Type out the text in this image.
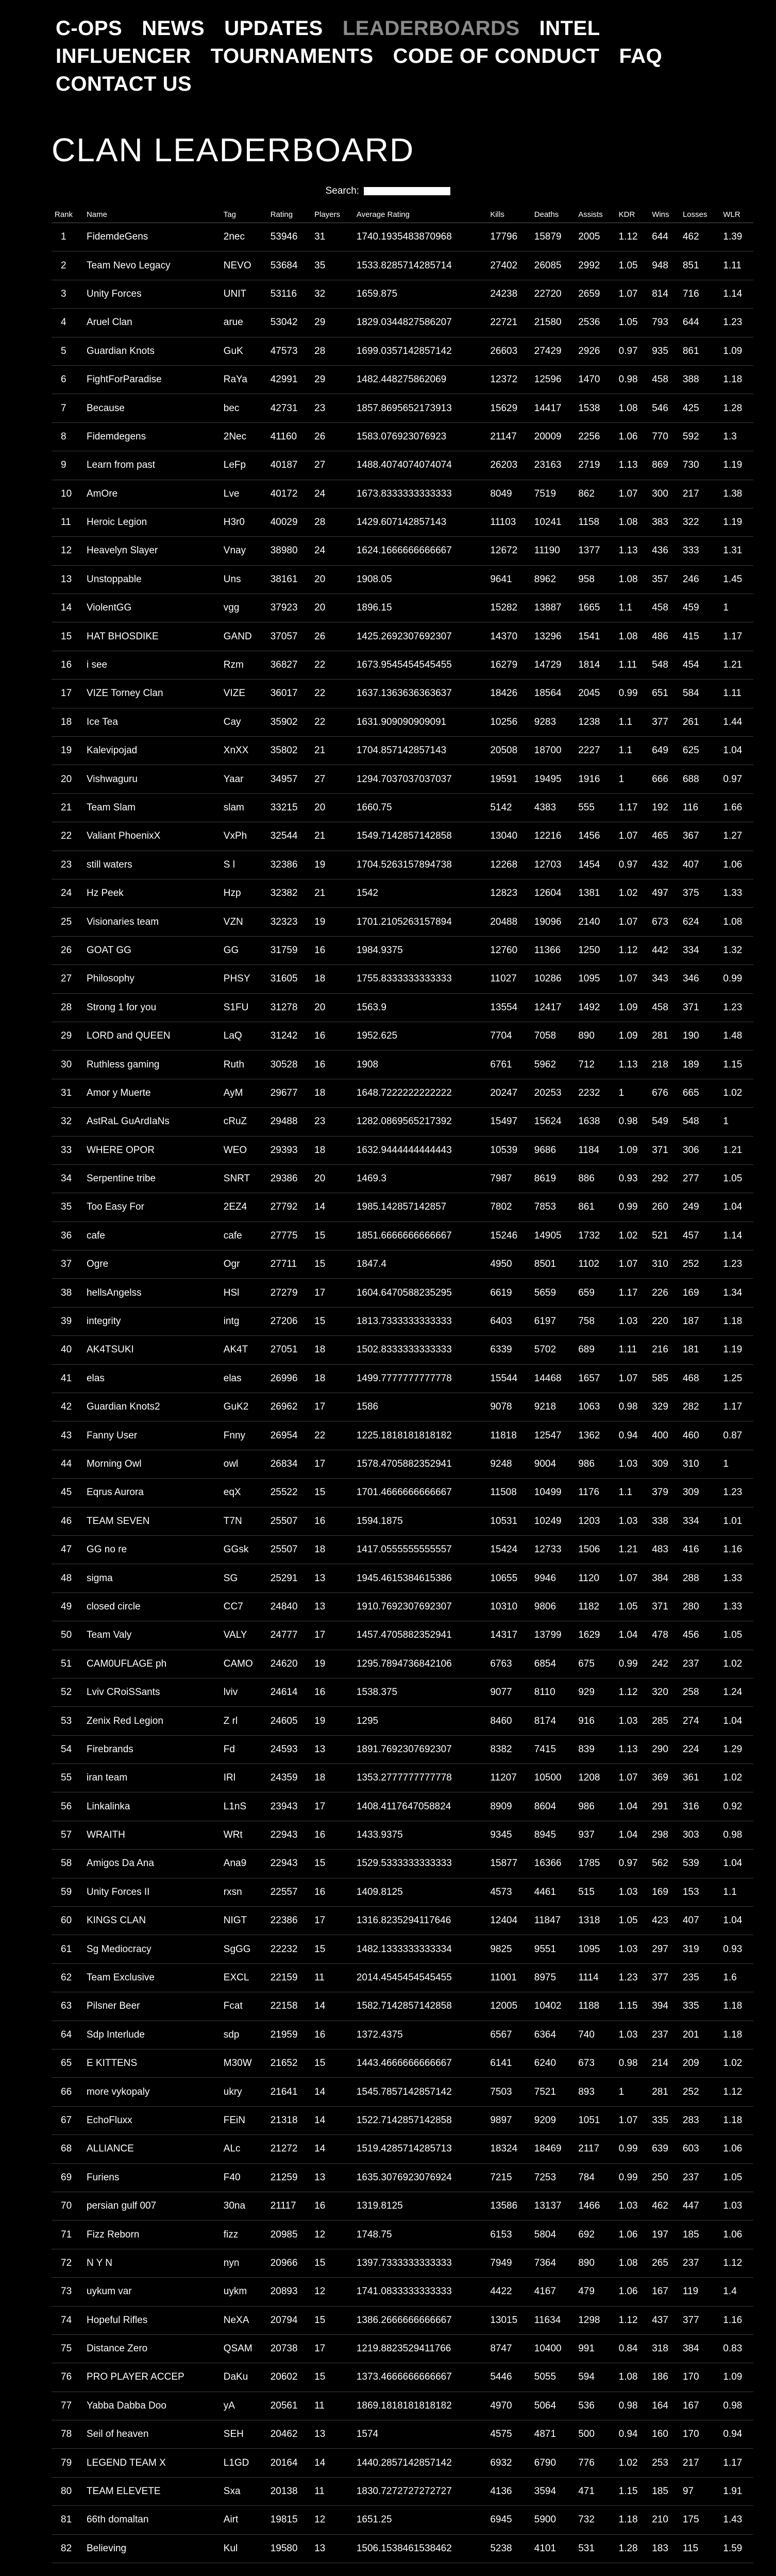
C-OPS NEWS UPDATES LEADERBOARDS INTELINFLUENCER TOURNAMENTS CODE OF CONDUCT FAQCONTACT US
CLAN LEADERBOARD
Search:
Rank	Name	Tag	Rating	Players	Average Rating	Kills	Deaths	Assists	KDR	Wins	Losses	WLR
1	FidemdeGens	2nec	53946	31	1740.1935483870968	17796	15879	2005	1.12	644	462	1.39
2	Team Nevo Legacy	NEVO	53684	35	1533.8285714285714	27402	26085	2992	1.05	948	851	1.11
3	Unity Forces	UNIT	53116	32	1659.875	24238	22720	2659	1.07	814	716	1.14
4	Aruel Clan	arue	53042	29	1829.0344827586207	22721	21580	2536	1.05	793	644	1.23
5	Guardian Knots	GuK	47573	28	1699.0357142857142	26603	27429	2926	0.97	935	861	1.09
6	FightForParadise	RaYa	42991	29	1482.448275862069	12372	12596	1470	0.98	458	388	1.18
7	Because	bec	42731	23	1857.8695652173913	15629	14417	1538	1.08	546	425	1.28
8	Fidemdegens	2Nec	41160	26	1583.076923076923	21147	20009	2256	1.06	770	592	1.3
9	Learn from past	LeFp	40187	27	1488.4074074074074	26203	23163	2719	1.13	869	730	1.19
10	AmOre	Lve	40172	24	1673.8333333333333	8049	7519	862	1.07	300	217	1.38
11	Heroic Legion	H3r0	40029	28	1429.607142857143	11103	10241	1158	1.08	383	322	1.19
12	Heavelyn Slayer	Vnay	38980	24	1624.1666666666667	12672	11190	1377	1.13	436	333	1.31
13	Unstoppable	Uns	38161	20	1908.05	9641	8962	958	1.08	357	246	1.45
14	ViolentGG	vgg	37923	20	1896.15	15282	13887	1665	1.1	458	459	1
15	HAT BHOSDIKE	GAND	37057	26	1425.2692307692307	14370	13296	1541	1.08	486	415	1.17
16	i see	Rzm	36827	22	1673.9545454545455	16279	14729	1814	1.11	548	454	1.21
17	VIZE Torney Clan	VIZE	36017	22	1637.1363636363637	18426	18564	2045	0.99	651	584	1.11
18	Ice Tea	Cay	35902	22	1631.909090909091	10256	9283	1238	1.1	377	261	1.44
19	Kalevipojad	XnXX	35802	21	1704.857142857143	20508	18700	2227	1.1	649	625	1.04
20	Vishwaguru	Yaar	34957	27	1294.7037037037037	19591	19495	1916	1	666	688	0.97
21	Team Slam	slam	33215	20	1660.75	5142	4383	555	1.17	192	116	1.66
22	Valiant PhoenixX	VxPh	32544	21	1549.7142857142858	13040	12216	1456	1.07	465	367	1.27
23	still waters	S l	32386	19	1704.5263157894738	12268	12703	1454	0.97	432	407	1.06
24	Hz Peek	Hzp	32382	21	1542	12823	12604	1381	1.02	497	375	1.33
25	Visionaries team	VZN	32323	19	1701.2105263157894	20488	19096	2140	1.07	673	624	1.08
26	GOAT GG	GG	31759	16	1984.9375	12760	11366	1250	1.12	442	334	1.32
27	Philosophy	PHSY	31605	18	1755.8333333333333	11027	10286	1095	1.07	343	346	0.99
28	Strong 1 for you	S1FU	31278	20	1563.9	13554	12417	1492	1.09	458	371	1.23
29	LORD and QUEEN	LaQ	31242	16	1952.625	7704	7058	890	1.09	281	190	1.48
30	Ruthless gaming	Ruth	30528	16	1908	6761	5962	712	1.13	218	189	1.15
31	Amor y Muerte	AyM	29677	18	1648.7222222222222	20247	20253	2232	1	676	665	1.02
32	AstRaL GuArdIaNs	cRuZ	29488	23	1282.0869565217392	15497	15624	1638	0.98	549	548	1
33	WHERE OPOR	WEO	29393	18	1632.9444444444443	10539	9686	1184	1.09	371	306	1.21
34	Serpentine tribe	SNRT	29386	20	1469.3	7987	8619	886	0.93	292	277	1.05
35	Too Easy For	2EZ4	27792	14	1985.142857142857	7802	7853	861	0.99	260	249	1.04
36	cafe	cafe	27775	15	1851.6666666666667	15246	14905	1732	1.02	521	457	1.14
37	Ogre	Ogr	27711	15	1847.4	4950	8501	1102	1.07	310	252	1.23
38	hellsAngelss	HSl	27279	17	1604.6470588235295	6619	5659	659	1.17	226	169	1.34
39	integrity	intg	27206	15	1813.7333333333333	6403	6197	758	1.03	220	187	1.18
40	AK4TSUKI	AK4T	27051	18	1502.8333333333333	6339	5702	689	1.11	216	181	1.19
41	elas	elas	26996	18	1499.7777777777778	15544	14468	1657	1.07	585	468	1.25
42	Guardian Knots2	GuK2	26962	17	1586	9078	9218	1063	0.98	329	282	1.17
43	Fanny User	Fnny	26954	22	1225.1818181818182	11818	12547	1362	0.94	400	460	0.87
44	Morning Owl	owl	26834	17	1578.4705882352941	9248	9004	986	1.03	309	310	1
45	Eqrus Aurora	eqX	25522	15	1701.4666666666667	11508	10499	1176	1.1	379	309	1.23
46	TEAM SEVEN	T7N	25507	16	1594.1875	10531	10249	1203	1.03	338	334	1.01
47	GG no re	GGsk	25507	18	1417.0555555555557	15424	12733	1506	1.21	483	416	1.16
48	sigma	SG	25291	13	1945.4615384615386	10655	9946	1120	1.07	384	288	1.33
49	closed circle	CC7	24840	13	1910.7692307692307	10310	9806	1182	1.05	371	280	1.33
50	Team Valy	VALY	24777	17	1457.4705882352941	14317	13799	1629	1.04	478	456	1.05
51	CAM0UFLAGE ph	CAMO	24620	19	1295.7894736842106	6763	6854	675	0.99	242	237	1.02
52	Lviv CRoiSSants	lviv	24614	16	1538.375	9077	8110	929	1.12	320	258	1.24
53	Zenix Red Legion	Z rl	24605	19	1295	8460	8174	916	1.03	285	274	1.04
54	Firebrands	Fd	24593	13	1891.7692307692307	8382	7415	839	1.13	290	224	1.29
55	iran team	IRl	24359	18	1353.2777777777778	11207	10500	1208	1.07	369	361	1.02
56	Linkalinka	L1nS	23943	17	1408.4117647058824	8909	8604	986	1.04	291	316	0.92
57	WRAITH	WRt	22943	16	1433.9375	9345	8945	937	1.04	298	303	0.98
58	Amigos Da Ana	Ana9	22943	15	1529.5333333333333	15877	16366	1785	0.97	562	539	1.04
59	Unity Forces II	rxsn	22557	16	1409.8125	4573	4461	515	1.03	169	153	1.1
60	KINGS CLAN	NIGT	22386	17	1316.8235294117646	12404	11847	1318	1.05	423	407	1.04
61	Sg Mediocracy	SgGG	22232	15	1482.1333333333334	9825	9551	1095	1.03	297	319	0.93
62	Team Exclusive	EXCL	22159	11	2014.4545454545455	11001	8975	1114	1.23	377	235	1.6
63	Pilsner Beer	Fcat	22158	14	1582.7142857142858	12005	10402	1188	1.15	394	335	1.18
64	Sdp Interlude	sdp	21959	16	1372.4375	6567	6364	740	1.03	237	201	1.18
65	E KITTENS	M30W	21652	15	1443.4666666666667	6141	6240	673	0.98	214	209	1.02
66	more vykopaly	ukry	21641	14	1545.7857142857142	7503	7521	893	1	281	252	1.12
67	EchoFluxx	FEiN	21318	14	1522.7142857142858	9897	9209	1051	1.07	335	283	1.18
68	ALLIANCE	ALc	21272	14	1519.4285714285713	18324	18469	2117	0.99	639	603	1.06
69	Furiens	F40	21259	13	1635.3076923076924	7215	7253	784	0.99	250	237	1.05
70	persian gulf 007	30na	21117	16	1319.8125	13586	13137	1466	1.03	462	447	1.03
71	Fizz Reborn	fizz	20985	12	1748.75	6153	5804	692	1.06	197	185	1.06
72	N Y N	nyn	20966	15	1397.7333333333333	7949	7364	890	1.08	265	237	1.12
73	uykum var	uykm	20893	12	1741.0833333333333	4422	4167	479	1.06	167	119	1.4
74	Hopeful Rifles	NeXA	20794	15	1386.2666666666667	13015	11634	1298	1.12	437	377	1.16
75	Distance Zero	QSAM	20738	17	1219.8823529411766	8747	10400	991	0.84	318	384	0.83
76	PRO PLAYER ACCEP	DaKu	20602	15	1373.4666666666667	5446	5055	594	1.08	186	170	1.09
77	Yabba Dabba Doo	yA	20561	11	1869.1818181818182	4970	5064	536	0.98	164	167	0.98
78	Seil of heaven	SEH	20462	13	1574	4575	4871	500	0.94	160	170	0.94
79	LEGEND TEAM X	L1GD	20164	14	1440.2857142857142	6932	6790	776	1.02	253	217	1.17
80	TEAM ELEVETE	Sxa	20138	11	1830.7272727272727	4136	3594	471	1.15	185	97	1.91
81	66th domaltan	Airt	19815	12	1651.25	6945	5900	732	1.18	210	175	1.43
82	Believing	Kul	19580	13	1506.1538461538462	5238	4101	531	1.28	183	115	1.59
